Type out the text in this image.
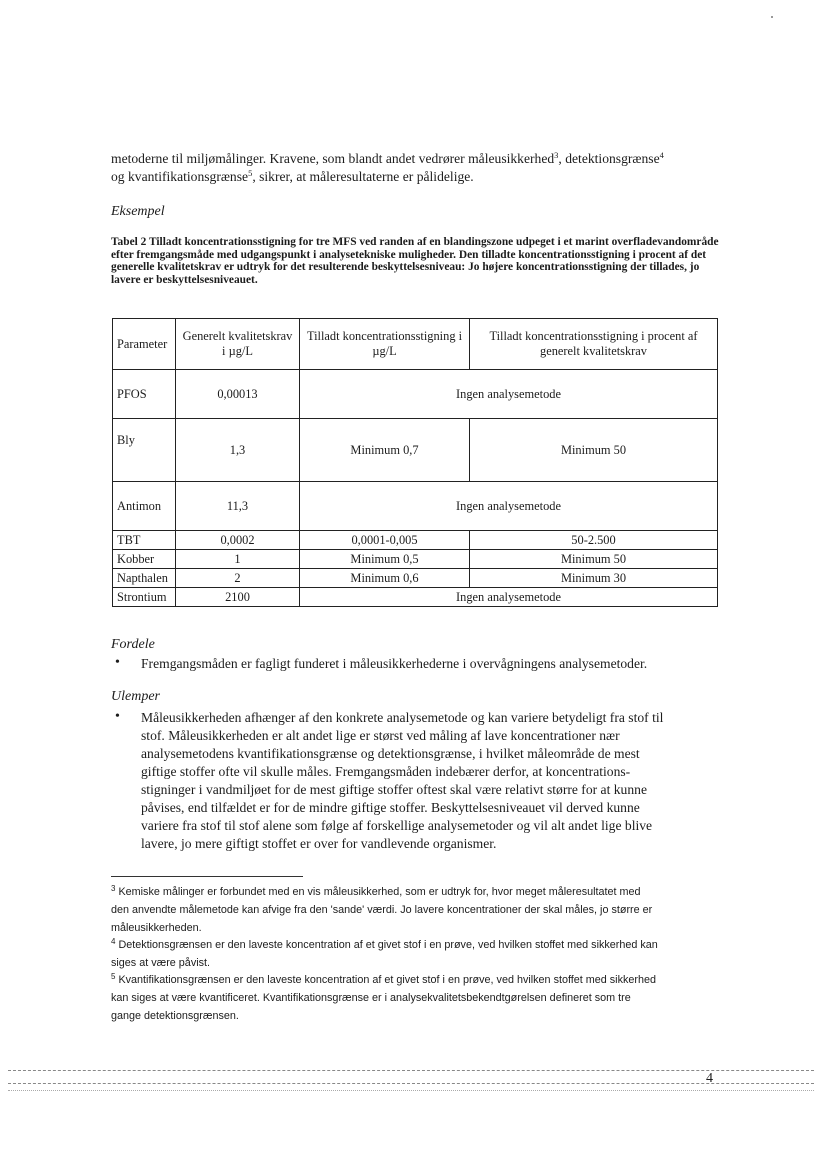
metoderne til miljømålinger. Kravene, som blandt andet vedrører måleusikkerhed$^3$, detektionsgrænse$^4$
og kvantifikationsgrænse$^5$, sikrer, at måleresultaterne er pålidelige.

Eksempel

Tabel 2 Tilladt koncentrationsstigning for tre MFS ved randen af en blandingszone udpeget i et marint overfladevandområde efter fremgangsmåde med udgangspunkt i analysetekniske muligheder. Den tilladte koncentrationsstigning i procent af det generelle kvalitetskrav er udtryk for det resulterende beskyttelsesniveau: Jo højere koncentrationsstigning der tillades, jo lavere er beskyttelsesniveauet.

Parameter	Generelt kvalitetskrav i µg/L	Tilladt koncentrationsstigning i µg/L	Tilladt koncentrationsstigning i procent af generelt kvalitetskrav
PFOS	0,00013	Ingen analysemetode	
Bly	1,3	Minimum 0,7	Minimum 50
Antimon	11,3	Ingen analysemetode	
TBT	0,0002	0,0001-0,005	50-2.500
Kobber	1	Minimum 0,5	Minimum 50
Napthalen	2	Minimum 0,6	Minimum 30
Strontium	2100	Ingen analysemetode	

Fordele

• Fremgangsmåden er fagligt funderet i måleusikkerhederne i overvågningens analysemetoder.

Ulemper

• Måleusikkerheden afhænger af den konkrete analysemetode og kan variere betydeligt fra stof til

stof. Måleusikkerheden er alt andet lige er størst ved måling af lave koncentrationer nær

analysemetodens kvantifikationsgrænse og detektionsgrænse, i hvilket måleområde de mest

giftige stoffer ofte vil skulle måles. Fremgangsmåden indebærer derfor, at koncentrations-

stigninger i vandmiljøet for de mest giftige stoffer oftest skal være relativt større for at kunne

påvises, end tilfældet er for de mindre giftige stoffer. Beskyttelsesniveauet vil derved kunne

variere fra stof til stof alene som følge af forskellige analysemetoder og vil alt andet lige blive

lavere, jo mere giftigt stoffet er over for vandlevende organismer.

$^3$ Kemiske målinger er forbundet med en vis måleusikkerhed, som er udtryk for, hvor meget måleresultatet med

den anvendte målemetode kan afvige fra den 'sande' værdi. Jo lavere koncentrationer der skal måles, jo større er

måleusikkerheden.

$^4$ Detektionsgrænsen er den laveste koncentration af et givet stof i en prøve, ved hvilken stoffet med sikkerhed kan

siges at være påvist.

$^5$ Kvantifikationsgrænsen er den laveste koncentration af et givet stof i en prøve, ved hvilken stoffet med sikkerhed

kan siges at være kvantificeret. Kvantifikationsgrænse er i analysekvalitetsbekendtgørelsen defineret som tre

gange detektionsgrænsen.

4
